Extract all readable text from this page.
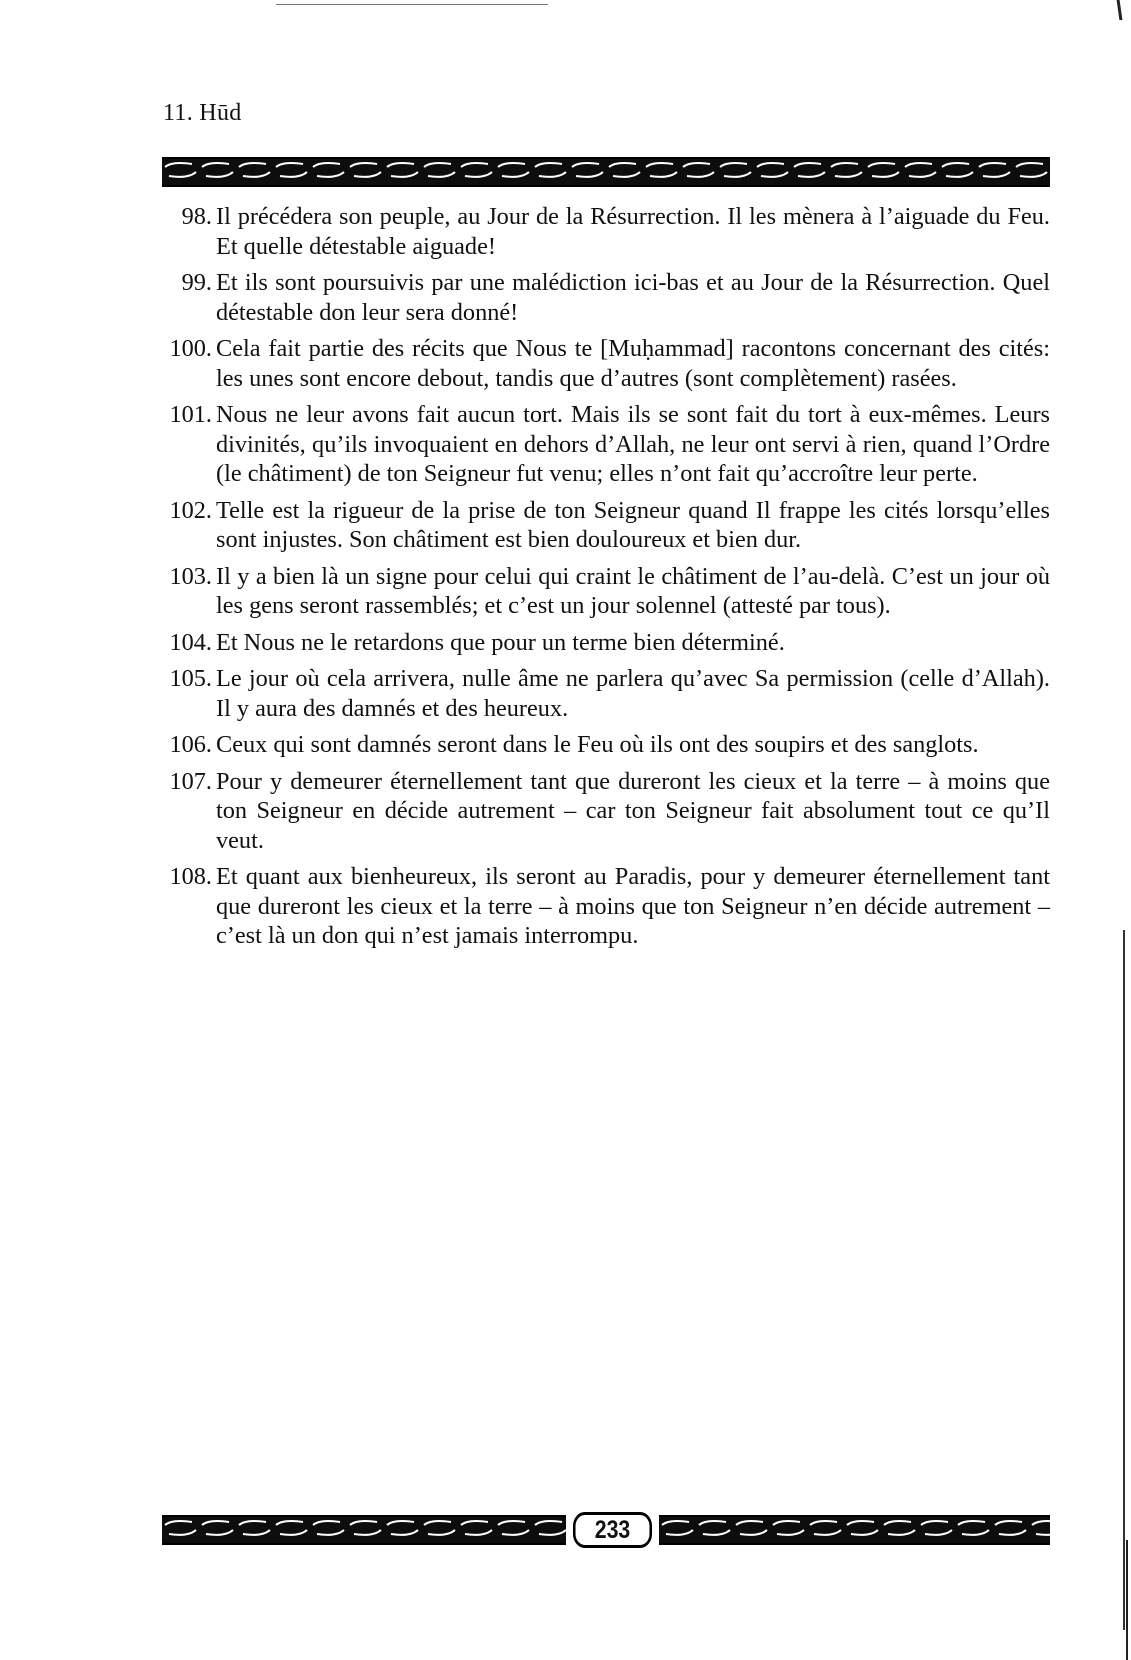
11. Hūd
98. Il précédera son peuple, au Jour de la Résurrection. Il les mènera à l’aiguade du Feu. Et quelle détestable aiguade!
99. Et ils sont poursuivis par une malédiction ici-bas et au Jour de la Résurrection. Quel détestable don leur sera donné!
100. Cela fait partie des récits que Nous te [Muḥammad] racontons concernant des cités: les unes sont encore debout, tandis que d’autres (sont complètement) rasées.
101. Nous ne leur avons fait aucun tort. Mais ils se sont fait du tort à eux-mêmes. Leurs divinités, qu’ils invoquaient en dehors d’Allah, ne leur ont servi à rien, quand l’Ordre (le châtiment) de ton Seigneur fut venu; elles n’ont fait qu’accroître leur perte.
102. Telle est la rigueur de la prise de ton Seigneur quand Il frappe les cités lorsqu’elles sont injustes. Son châtiment est bien douloureux et bien dur.
103. Il y a bien là un signe pour celui qui craint le châtiment de l’au-delà. C’est un jour où les gens seront rassemblés; et c’est un jour solennel (attesté par tous).
104. Et Nous ne le retardons que pour un terme bien déterminé.
105. Le jour où cela arrivera, nulle âme ne parlera qu’avec Sa permission (celle d’Allah). Il y aura des damnés et des heureux.
106. Ceux qui sont damnés seront dans le Feu où ils ont des soupirs et des sanglots.
107. Pour y demeurer éternellement tant que dureront les cieux et la terre – à moins que ton Seigneur en décide autrement – car ton Seigneur fait absolument tout ce qu’Il veut.
108. Et quant aux bienheureux, ils seront au Paradis, pour y demeurer éternellement tant que dureront les cieux et la terre – à moins que ton Seigneur n’en décide autrement – c’est là un don qui n’est jamais interrompu.
233
